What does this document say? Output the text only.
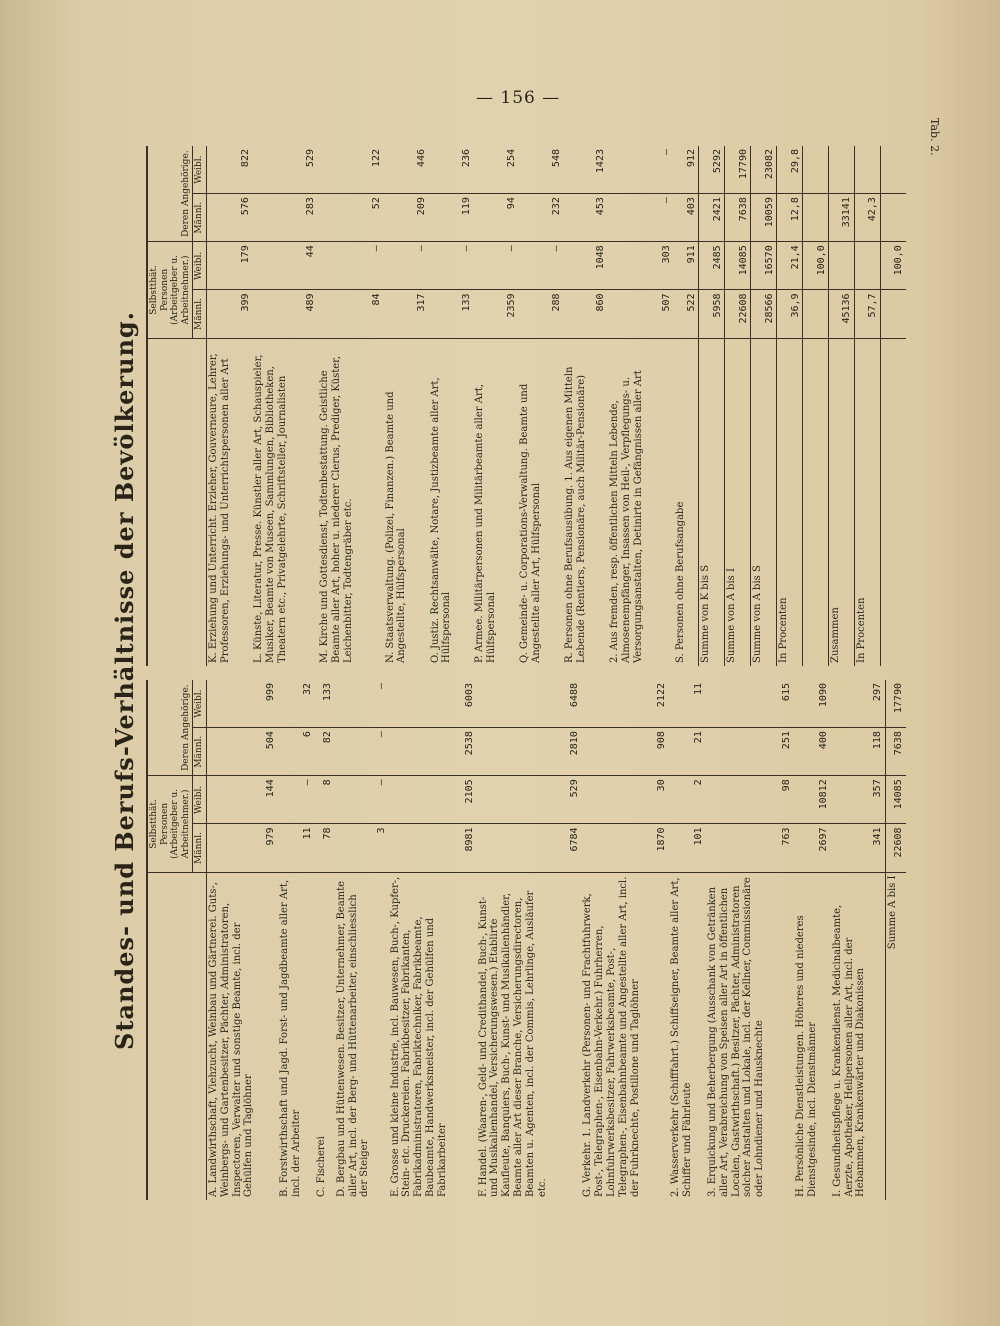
— 156 —
Tab. 2.
Standes- und Berufs-Verhältnisse der Bevölkerung.
		Selbstthät. Personen (Arbeitgeber u. Arbeitnehmer.)		Deren Angehörige.	
	Männl.	Weibl.	Männl.	Weibl.
A. Landwirthschaft, Viehzucht, Weinbau und Gärtnerei. Guts-, Weinbergs- und Gartenbesitzer, Pächter, Administratoren, Inspectoren, Verwalter und sonstige Beamte, incl. der Gehülfen und Taglöhner	979	144	504	999
B. Forstwirthschaft und Jagd. Forst- und Jagdbeamte aller Art, incl. der Arbeiter	11	—	6	32
C. Fischerei	78	8	82	133
D. Bergbau und Hüttenwesen. Besitzer, Unternehmer, Beamte aller Art, incl. der Berg- und Hüttenarbeiter, einschliesslich der Steiger	3	—	—	—
E. Grosse und kleine Industrie, incl. Bauwesen, Buch-, Kupfer-, Stein- etc. Druckereien. Fabrikbesitzer, Fabrikanten, Fabrikadministratoren, Fabriktechniker, Fabrikbeamte, Baubeamte, Handwerksmeister, incl. der Gehülfen und Fabrikarbeiter	8981	2105	2538	6003
F. Handel. (Waaren-, Geld- und Credithandel, Buch-, Kunst- und Musikalienhandel, Versicherungswesen.) Etablirte Kaufleute, Banquiers, Buch-, Kunst- und Musikalienhändler, Beamte aller Art dieser Branche, Versicherungsdirectoren, Beamten u. Agenten, incl. der Commis, Lehrlinge, Ausläufer etc.	6784	529	2810	6488
G. Verkehr. 1. Landverkehr (Personen- und Frachtfuhrwerk, Post-, Telegraphen-, Eisenbahn-Verkehr.) Fuhrherren, Lohnfuhrwerksbesitzer, Fahrwerksbeamte, Post-, Telegraphen-, Eisenbahnbeamte und Angestellte aller Art, incl. der Fuhrknechte, Postillone und Taglöhner	1870	30	908	2122
2. Wasserverkehr (Schifffahrt.) Schiffseigner, Beamte aller Art, Schiffer und Fährleute	101	2	21	11
3. Erquickung und Beherbergung (Ausschank von Getränken aller Art, Verabreichung von Speisen aller Art in öffentlichen Localen, Gastwirthschaft.) Besitzer, Pächter, Administratoren solcher Anstalten und Lokale, incl. der Kellner, Commissionäre oder Lohndiener und Hausknechte	763	98	251	615
H. Persönliche Dienstleistungen. Höheres und niederes Dienstgesinde, incl. Dienstmänner	2697	10812	400	1090
I. Gesundheitspflege u. Krankendienst. Medicinalbeamte, Aerzte, Apotheker, Heilpersonen aller Art, incl. der Hebammen, Krankenwärter und Diakonissen	341	357	118	297
Summe A bis I	22608	14085	7638	17790
	Selbstthät. Personen (Arbeitgeber u. Arbeitnehmer.)		Deren Angehörige.	
	Männl.	Weibl.	Männl.	Weibl.
K. Erziehung und Unterricht. Erzieher, Gouverneure, Lehrer, Professoren, Erziehungs- und Unterrichtspersonen aller Art	399	179	576	822
L. Künste, Literatur, Presse. Künstler aller Art, Schauspieler, Musiker, Beamte von Museen, Sammlungen, Bibliotheken, Theatern etc., Privatgelehrte, Schriftsteller, Journalisten	489	44	283	529
M. Kirche und Gottesdienst, Todtenbestattung. Geistliche Beamte aller Art, hoher u. niederer Clerus, Prediger, Küster, Leichenbitter, Todtengräber etc.	84	—	52	122
N. Staatsverwaltung. (Polizei, Finanzen.) Beamte und Angestellte, Hülfspersonal	317	—	209	446
O. Justiz. Rechtsanwälte, Notare, Justizbeamte aller Art, Hülfspersonal	133	—	119	236
P. Armee. Militärpersonen und Militärbeamte aller Art, Hülfspersonal	2359	—	94	254
Q. Gemeinde- u. Corporations-Verwaltung. Beamte und Angestellte aller Art, Hülfspersonal	288	—	232	548
R. Personen ohne Berufsausübung. 1. Aus eigenen Mitteln Lebende (Rentiers, Pensionäre, auch Militär-Pensionäre)	860	1048	453	1423
2. Aus fremden, resp. öffentlichen Mitteln Lebende, Almosenempfänger, Insassen von Heil-, Verpflegungs- u. Versorgungsanstalten, Detinirte in Gefängnissen aller Art	507	303	—	—
S. Personen ohne Berufsangabe	522	911	403	912
Summe von K bis S	5958	2485	2421	5292
Summe von A bis I	22608	14085	7638	17790
Summe von A bis S	28566	16570	10059	23082
In Procenten	36,9	21,4	12,8	29,8
		100,0		
Zusammen	45136		33141	
In Procenten	57,7		42,3	
		100,0		
